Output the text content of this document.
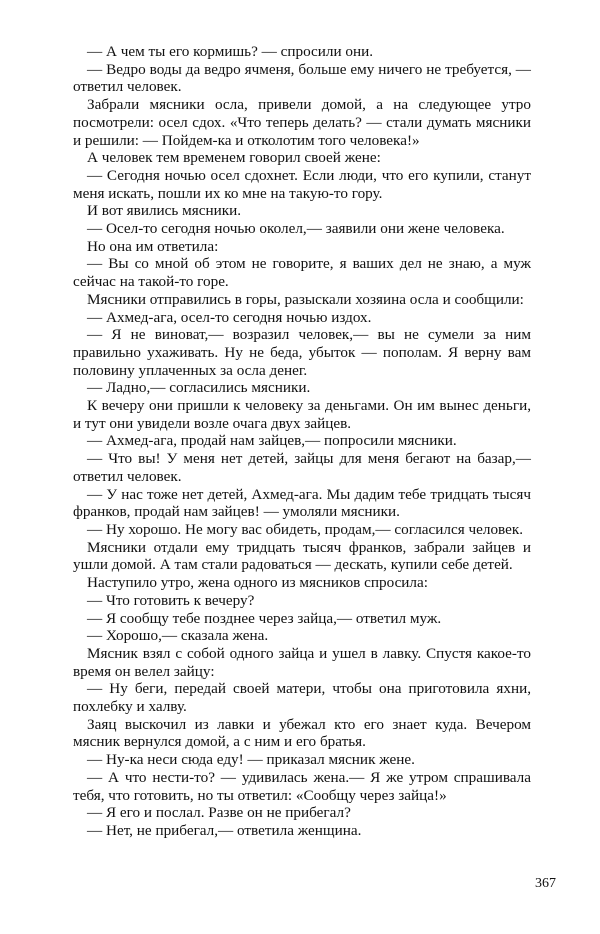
— А чем ты его кормишь? — спросили они.

— Ведро воды да ведро ячменя, больше ему ничего не требуется, — ответил человек.

Забрали мясники осла, привели домой, а на следующее утро посмотрели: осел сдох. «Что теперь делать? — стали думать мясники и решили: — Пойдем-ка и отколотим того человека!»

А человек тем временем говорил своей жене:

— Сегодня ночью осел сдохнет. Если люди, что его купили, станут меня искать, пошли их ко мне на такую-то гору.

И вот явились мясники.

— Осел-то сегодня ночью околел,— заявили они жене человека.

Но она им ответила:

— Вы со мной об этом не говорите, я ваших дел не знаю, а муж сейчас на такой-то горе.

Мясники отправились в горы, разыскали хозяина осла и сообщили:

— Ахмед-ага, осел-то сегодня ночью издох.

— Я не виноват,— возразил человек,— вы не сумели за ним правильно ухаживать. Ну не беда, убыток — пополам. Я верну вам половину уплаченных за осла денег.

— Ладно,— согласились мясники.

К вечеру они пришли к человеку за деньгами. Он им вынес деньги, и тут они увидели возле очага двух зайцев.

— Ахмед-ага, продай нам зайцев,— попросили мясники.

— Что вы! У меня нет детей, зайцы для меня бегают на базар,— ответил человек.

— У нас тоже нет детей, Ахмед-ага. Мы дадим тебе тридцать тысяч франков, продай нам зайцев! — умоляли мясники.

— Ну хорошо. Не могу вас обидеть, продам,— согласился человек.

Мясники отдали ему тридцать тысяч франков, забрали зайцев и ушли домой. А там стали радоваться — дескать, купили себе детей.

Наступило утро, жена одного из мясников спросила:

— Что готовить к вечеру?

— Я сообщу тебе позднее через зайца,— ответил муж.

— Хорошо,— сказала жена.

Мясник взял с собой одного зайца и ушел в лавку. Спустя какое-то время он велел зайцу:

— Ну беги, передай своей матери, чтобы она приготовила яхни, похлебку и халву.

Заяц выскочил из лавки и убежал кто его знает куда. Вечером мясник вернулся домой, а с ним и его братья.

— Ну-ка неси сюда еду! — приказал мясник жене.

— А что нести-то? — удивилась жена.— Я же утром спрашивала тебя, что готовить, но ты ответил: «Сообщу через зайца!»

— Я его и послал. Разве он не прибегал?

— Нет, не прибегал,— ответила женщина.

367
